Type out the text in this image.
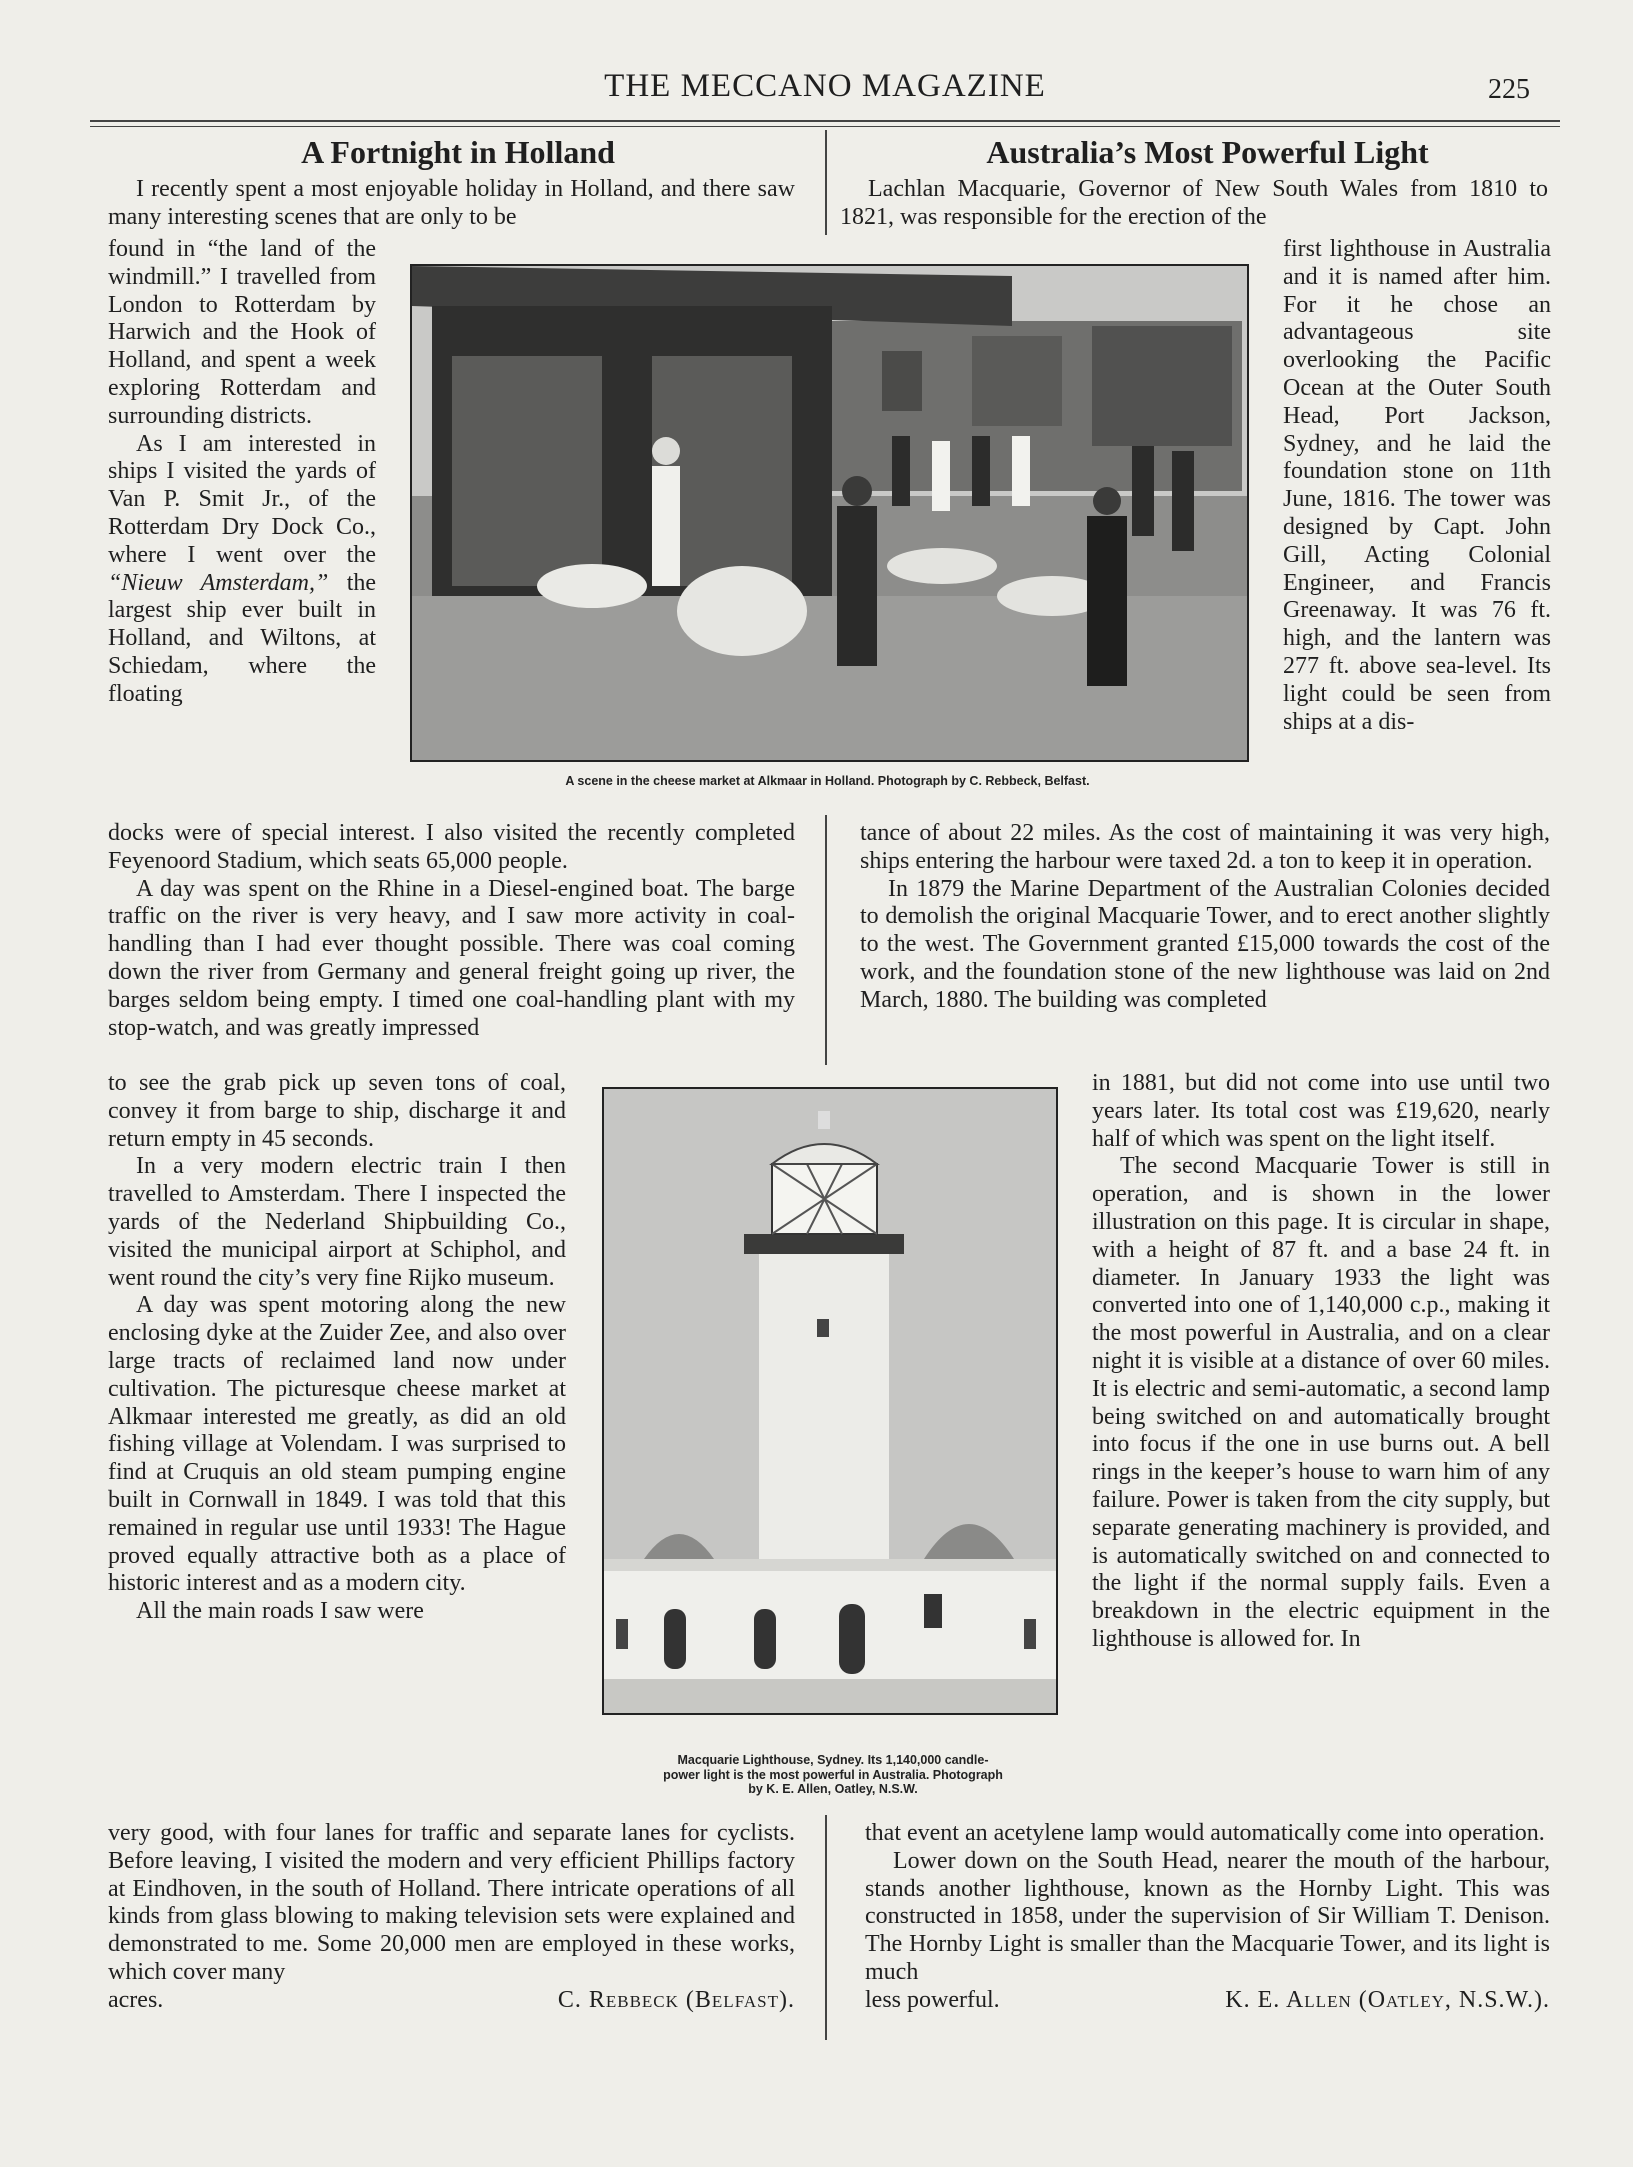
THE MECCANO MAGAZINE	225
A Fortnight in Holland	Australia’s Most Powerful Light

I recently spent a most enjoyable holiday in Holland, and there saw many interesting scenes that are only to be

found in “the land of the windmill.” I travelled from London to Rotterdam by Harwich and the Hook of Holland, and spent a week exploring Rotterdam and surrounding districts.

As I am interested in ships I visited the yards of Van P. Smit Jr., of the Rotterdam Dry Dock Co., where I went over the “Nieuw Amsterdam,” the largest ship ever built in Holland, and Wiltons, at Schiedam, where the floating

docks were of special interest. I also visited the recently completed Feyenoord Stadium, which seats 65,000 people.

A day was spent on the Rhine in a Diesel-engined boat. The barge traffic on the river is very heavy, and I saw more activity in coal-handling than I had ever thought possible. There was coal coming down the river from Germany and general freight going up river, the barges seldom being empty. I timed one coal-handling plant with my stop-watch, and was greatly impressed

to see the grab pick up seven tons of coal, convey it from barge to ship, discharge it and return empty in 45 seconds.

In a very modern electric train I then travelled to Amsterdam. There I inspected the yards of the Nederland Shipbuilding Co., visited the municipal airport at Schiphol, and went round the city’s very fine Rijko museum.

A day was spent motoring along the new enclosing dyke at the Zuider Zee, and also over large tracts of reclaimed land now under cultivation. The picturesque cheese market at Alkmaar interested me greatly, as did an old fishing village at Volendam. I was surprised to find at Cruquis an old steam pumping engine built in Cornwall in 1849. I was told that this remained in regular use until 1933! The Hague proved equally attractive both as a place of historic interest and as a modern city.

All the main roads I saw were

very good, with four lanes for traffic and separate lanes for cyclists. Before leaving, I visited the modern and very efficient Phillips factory at Eindhoven, in the south of Holland. There intricate operations of all kinds from glass blowing to making television sets were explained and demonstrated to me. Some 20,000 men are employed in these works, which cover many

acres.	C. Rebbeck (Belfast).

Lachlan Macquarie, Governor of New South Wales from 1810 to 1821, was responsible for the erection of the

first lighthouse in Australia and it is named after him. For it he chose an advantageous site overlooking the Pacific Ocean at the Outer South Head, Port Jackson, Sydney, and he laid the foundation stone on 11th June, 1816. The tower was designed by Capt. John Gill, Acting Colonial Engineer, and Francis Greenaway. It was 76 ft. high, and the lantern was 277 ft. above sea-level. Its light could be seen from ships at a dis-

tance of about 22 miles. As the cost of maintaining it was very high, ships entering the harbour were taxed 2d. a ton to keep it in operation.

In 1879 the Marine Department of the Australian Colonies decided to demolish the original Macquarie Tower, and to erect another slightly to the west. The Government granted £15,000 towards the cost of the work, and the foundation stone of the new lighthouse was laid on 2nd March, 1880. The building was completed

in 1881, but did not come into use until two years later. Its total cost was £19,620, nearly half of which was spent on the light itself.

The second Macquarie Tower is still in operation, and is shown in the lower illustration on this page. It is circular in shape, with a height of 87 ft. and a base 24 ft. in diameter. In January 1933 the light was converted into one of 1,140,000 c.p., making it the most powerful in Australia, and on a clear night it is visible at a distance of over 60 miles. It is electric and semi-automatic, a second lamp being switched on and automatically brought into focus if the one in use burns out. A bell rings in the keeper’s house to warn him of any failure. Power is taken from the city supply, but separate generating machinery is provided, and is automatically switched on and connected to the light if the normal supply fails. Even a breakdown in the electric equipment in the lighthouse is allowed for. In

that event an acetylene lamp would automatically come into operation.

Lower down on the South Head, nearer the mouth of the harbour, stands another lighthouse, known as the Hornby Light. This was constructed in 1858, under the supervision of Sir William T. Denison. The Hornby Light is smaller than the Macquarie Tower, and its light is much

less powerful.	K. E. Allen (Oatley, N.S.W.).
A scene in the cheese market at Alkmaar in Holland. Photograph by C. Rebbeck, Belfast.
Macquarie Lighthouse, Sydney. Its 1,140,000 candle-
power light is the most powerful in Australia. Photograph
by K. E. Allen, Oatley, N.S.W.
